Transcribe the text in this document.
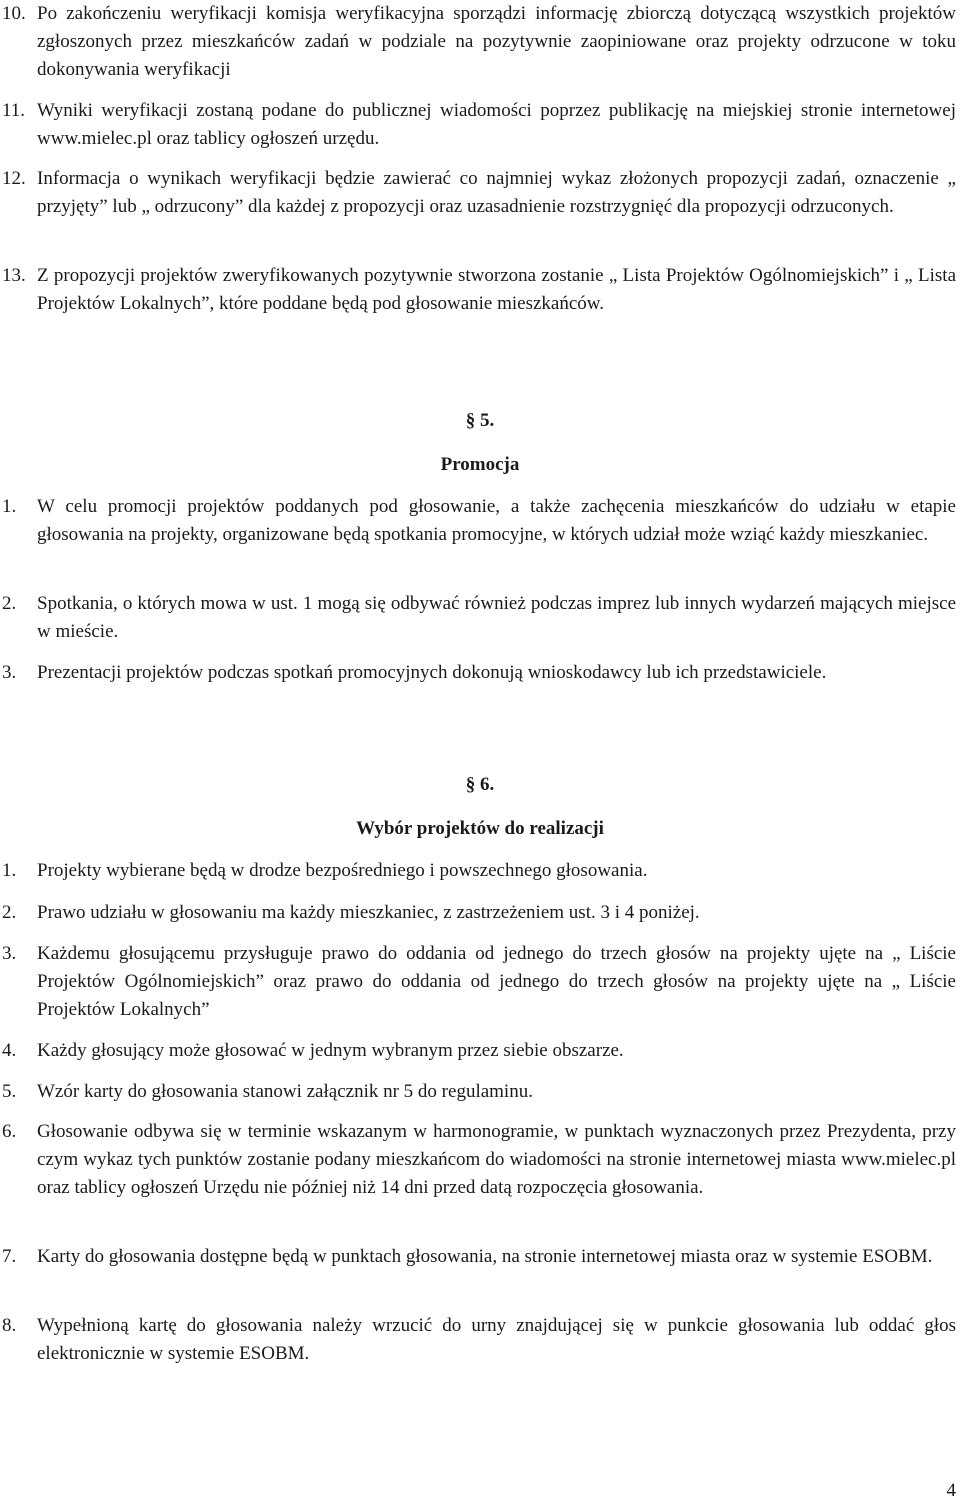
10. Po zakończeniu weryfikacji komisja weryfikacyjna sporządzi informację zbiorczą dotyczącą wszystkich projektów zgłoszonych przez mieszkańców zadań w podziale na pozytywnie zaopiniowane oraz projekty odrzucone w toku dokonywania weryfikacji
11. Wyniki weryfikacji zostaną podane do publicznej wiadomości poprzez publikację na miejskiej stronie internetowej www.mielec.pl oraz tablicy ogłoszeń urzędu.
12. Informacja o wynikach weryfikacji będzie zawierać co najmniej wykaz złożonych propozycji zadań, oznaczenie „ przyjęty” lub „ odrzucony” dla każdej z propozycji oraz uzasadnienie rozstrzygnięć dla propozycji odrzuconych.
13. Z propozycji projektów zweryfikowanych pozytywnie stworzona zostanie „ Lista Projektów Ogólnomiejskich” i „ Lista Projektów Lokalnych”, które poddane będą pod głosowanie mieszkańców.
§ 5.
Promocja
1. W celu promocji projektów poddanych pod głosowanie, a także zachęcenia mieszkańców do udziału w etapie głosowania na projekty, organizowane będą spotkania promocyjne, w których udział może wziąć każdy mieszkaniec.
2. Spotkania, o których mowa w ust. 1 mogą się odbywać również podczas imprez lub innych wydarzeń mających miejsce w mieście.
3. Prezentacji projektów podczas spotkań promocyjnych dokonują wnioskodawcy lub ich przedstawiciele.
§ 6.
Wybór projektów do realizacji
1. Projekty wybierane będą w drodze bezpośredniego i powszechnego głosowania.
2. Prawo udziału w głosowaniu ma każdy mieszkaniec, z zastrzeżeniem ust. 3 i 4 poniżej.
3. Każdemu głosującemu przysługuje prawo do oddania od jednego do trzech głosów na projekty ujęte na „ Liście Projektów Ogólnomiejskich” oraz prawo do oddania od jednego do trzech głosów na projekty ujęte na „ Liście Projektów Lokalnych”
4. Każdy głosujący może głosować w jednym wybranym przez siebie obszarze.
5. Wzór karty do głosowania stanowi załącznik nr 5 do regulaminu.
6. Głosowanie odbywa się w terminie wskazanym w harmonogramie, w punktach wyznaczonych przez Prezydenta, przy czym wykaz tych punktów zostanie podany mieszkańcom do wiadomości na stronie internetowej miasta www.mielec.pl oraz tablicy ogłoszeń Urzędu nie później niż 14 dni przed datą rozpoczęcia głosowania.
7. Karty do głosowania dostępne będą w punktach głosowania, na stronie internetowej miasta oraz w systemie ESOBM.
8. Wypełnioną kartę do głosowania należy wrzucić do urny znajdującej się w punkcie głosowania lub oddać głos elektronicznie w systemie ESOBM.
4
